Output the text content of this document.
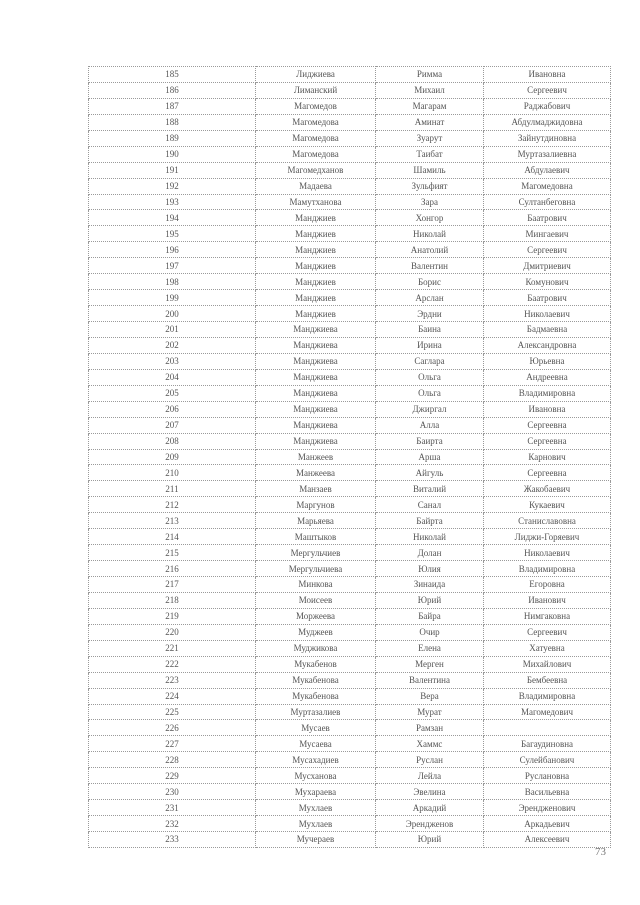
185	Лиджиева	Римма	Ивановна
186	Лиманский	Михаил	Сергеевич
187	Магомедов	Магарам	Раджабович
188	Магомедова	Аминат	Абдулмаджидовна
189	Магомедова	Зуарут	Зайнутдиновна
190	Магомедова	Таибат	Муртазалиевна
191	Магомедханов	Шамиль	Абдулаевич
192	Мадаева	Зульфият	Магомедовна
193	Мамутханова	Зара	Султанбеговна
194	Манджиев	Хонгор	Баатрович
195	Манджиев	Николай	Мингаевич
196	Манджиев	Анатолий	Сергеевич
197	Манджиев	Валентин	Дмитриевич
198	Манджиев	Борис	Комунович
199	Манджиев	Арслан	Баатрович
200	Манджиев	Эрдни	Николаевич
201	Манджиева	Баина	Бадмаевна
202	Манджиева	Ирина	Александровна
203	Манджиева	Саглара	Юрьевна
204	Манджиева	Ольга	Андреевна
205	Манджиева	Ольга	Владимировна
206	Манджиева	Джиргал	Ивановна
207	Манджиева	Алла	Сергеевна
208	Манджиева	Баирта	Сергеевна
209	Манжеев	Арша	Карнович
210	Манжеева	Айгуль	Сергеевна
211	Манзаев	Виталий	Жакобаевич
212	Маргунов	Санал	Кукаевич
213	Марьяева	Байрта	Станиславовна
214	Маштыков	Николай	Лиджи-Горяевич
215	Мергульчиев	Долан	Николаевич
216	Мергульчиева	Юлия	Владимировна
217	Минкова	Зинаида	Егоровна
218	Моисеев	Юрий	Иванович
219	Моржеева	Байра	Нимгаковна
220	Муджеев	Очир	Сергеевич
221	Муджикова	Елена	Хатуевна
222	Мукабенов	Мерген	Михайлович
223	Мукабенова	Валентина	Бембеевна
224	Мукабенова	Вера	Владимировна
225	Муртазалиев	Мурат	Магомедович
226	Мусаев	Рамзан	
227	Мусаева	Хаммс	Багаудиновна
228	Мусахадиев	Руслан	Сулейбанович
229	Мусханова	Лейла	Руслановна
230	Мухараева	Эвелина	Васильевна
231	Мухлаев	Аркадий	Эрендженович
232	Мухлаев	Эрендженов	Аркадьевич
233	Мучераев	Юрий	Алексеевич
73
